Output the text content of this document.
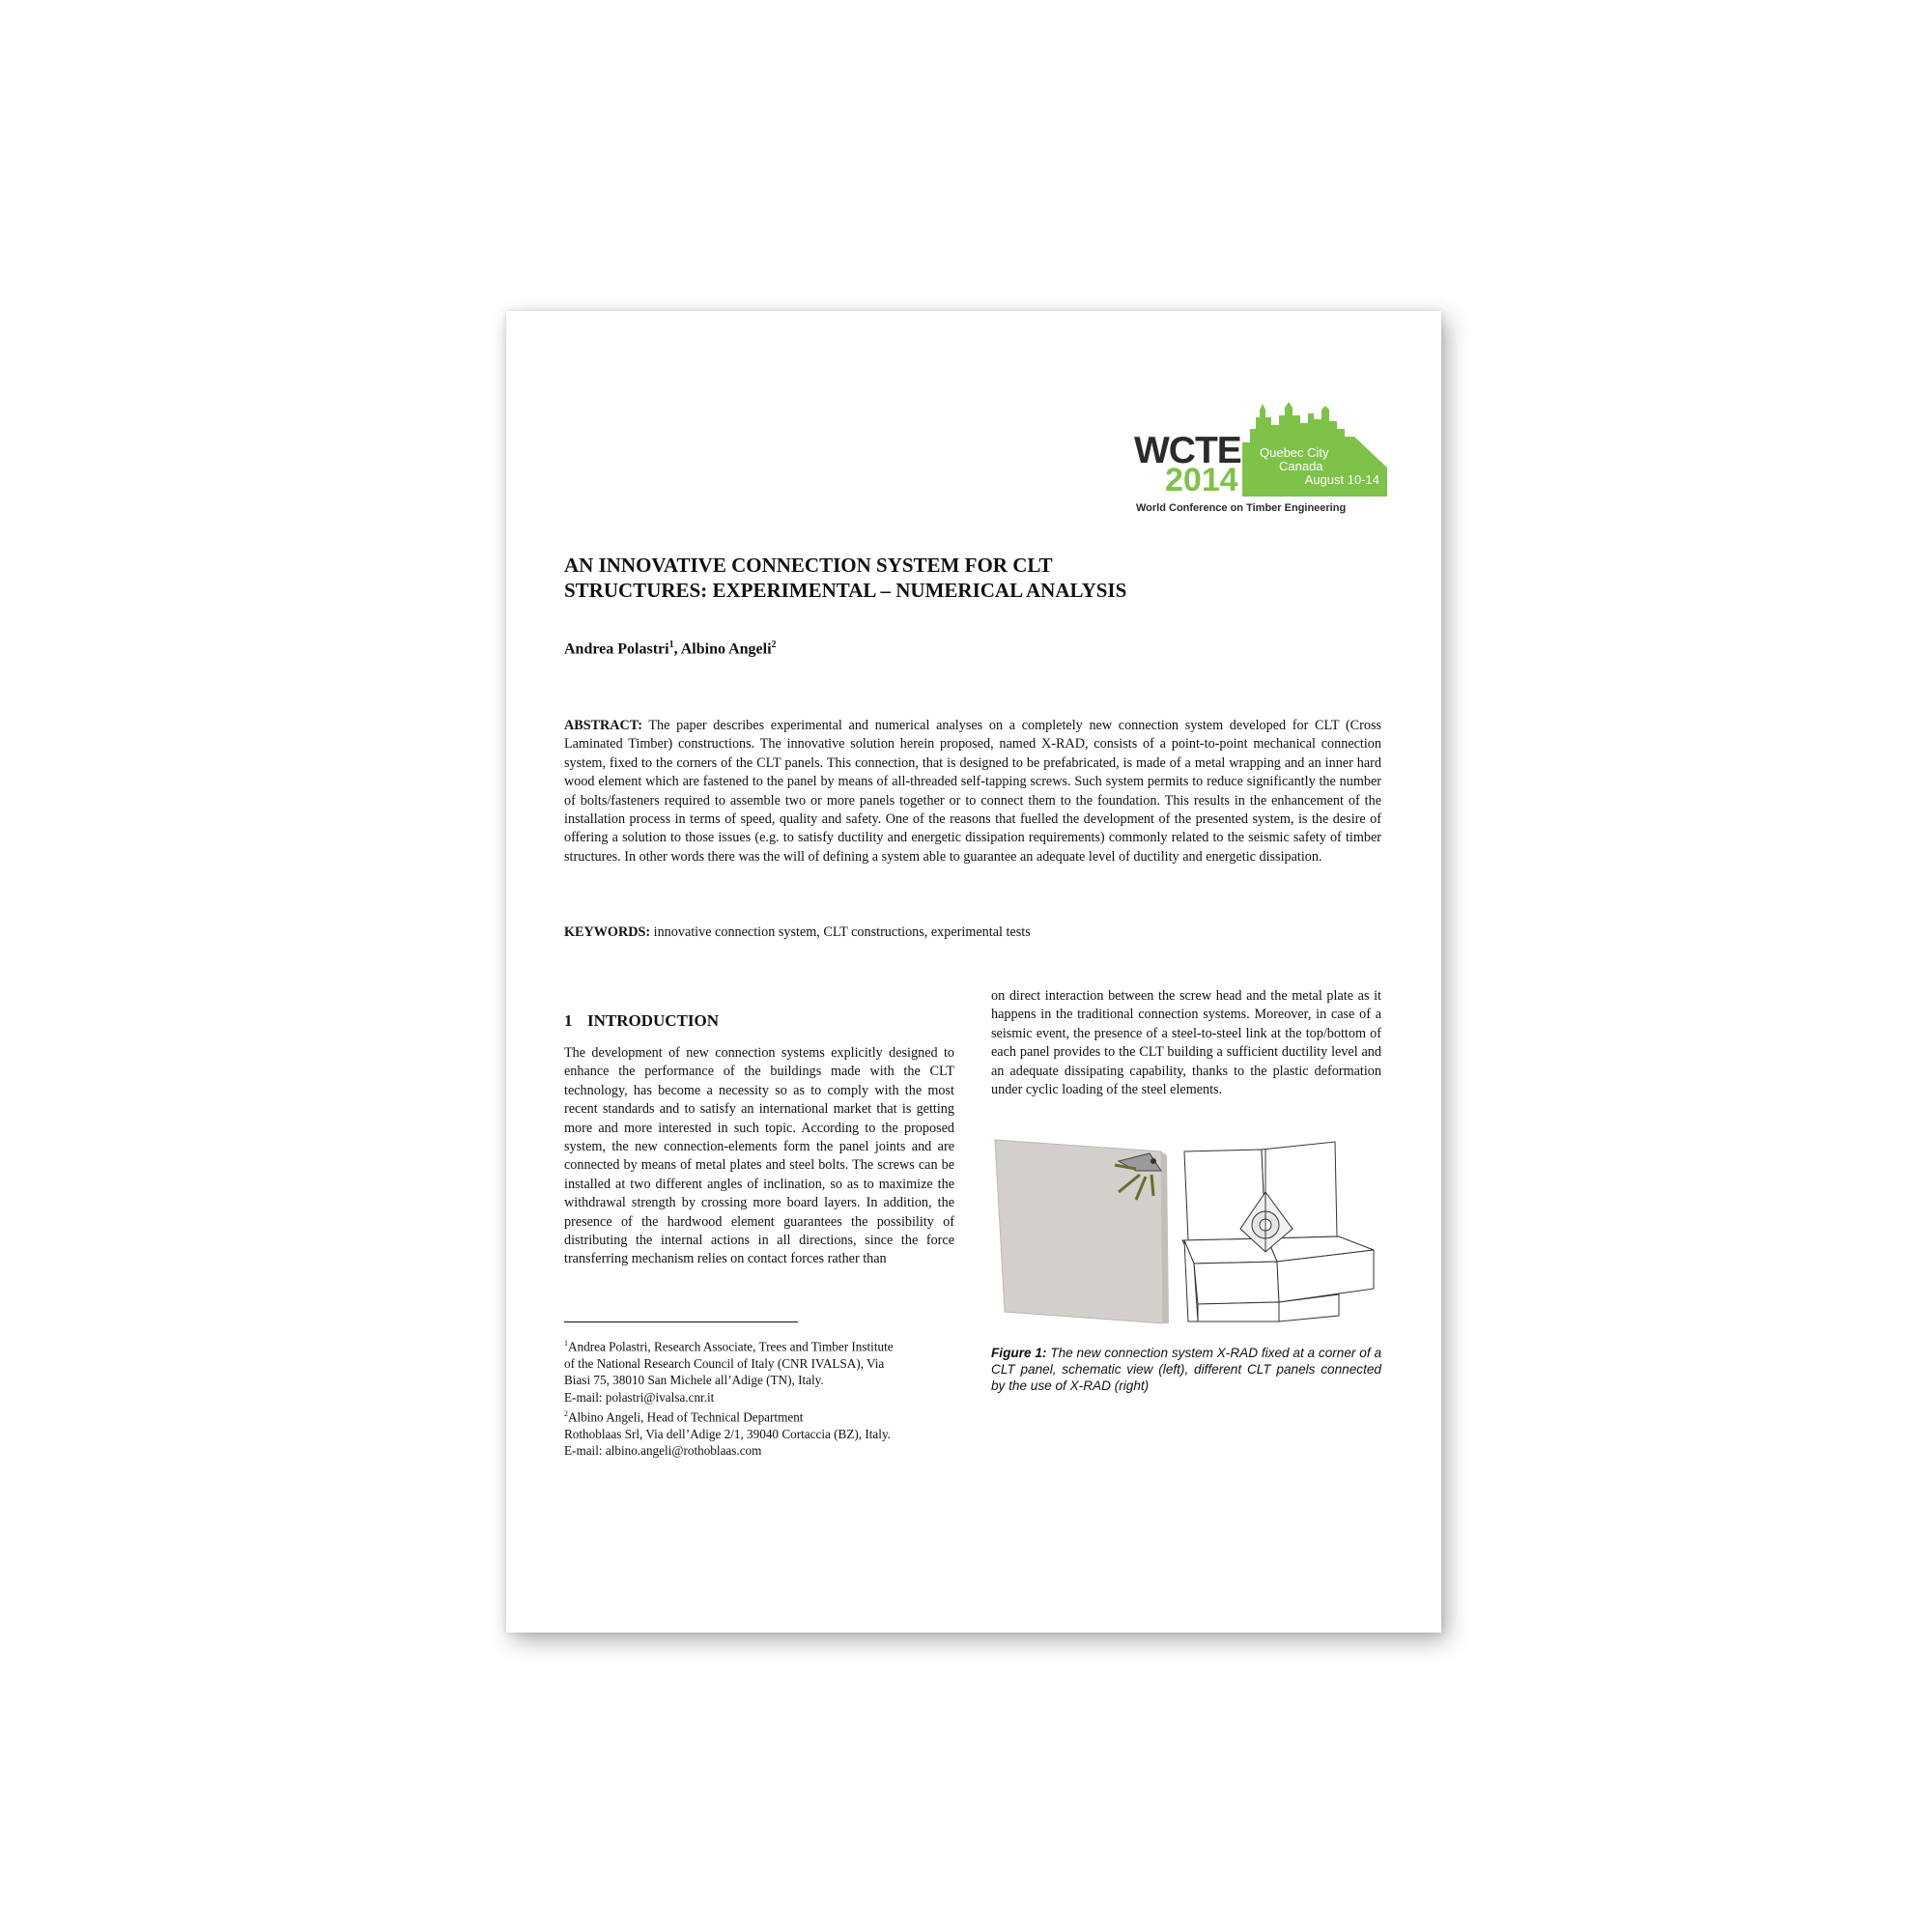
WCTE
2014
Quebec City
Canada
August 10-14
World Conference on Timber Engineering
AN INNOVATIVE CONNECTION SYSTEM FOR CLT
STRUCTURES: EXPERIMENTAL – NUMERICAL ANALYSIS
Andrea Polastri$^1$, Albino Angeli$^2$

ABSTRACT: The paper describes experimental and numerical analyses on a completely new connection system developed for CLT (Cross Laminated Timber) constructions. The innovative solution herein proposed, named X-RAD, consists of a point-to-point mechanical connection system, fixed to the corners of the CLT panels. This connection, that is designed to be prefabricated, is made of a metal wrapping and an inner hard wood element which are fastened to the panel by means of all-threaded self-tapping screws. Such system permits to reduce significantly the number of bolts/fasteners required to assemble two or more panels together or to connect them to the foundation. This results in the enhancement of the installation process in terms of speed, quality and safety. One of the reasons that fuelled the development of the presented system, is the desire of offering a solution to those issues (e.g. to satisfy ductility and energetic dissipation requirements) commonly related to the seismic safety of timber structures. In other words there was the will of defining a system able to guarantee an adequate level of ductility and energetic dissipation.

KEYWORDS: innovative connection system, CLT constructions, experimental tests

1 INTRODUCTION

The development of new connection systems explicitly designed to enhance the performance of the buildings made with the CLT technology, has become a necessity so as to comply with the most recent standards and to satisfy an international market that is getting more and more interested in such topic. According to the proposed system, the new connection-elements form the panel joints and are connected by means of metal plates and steel bolts. The screws can be installed at two different angles of inclination, so as to maximize the withdrawal strength by crossing more board layers. In addition, the presence of the hardwood element guarantees the possibility of distributing the internal actions in all directions, since the force transferring mechanism relies on contact forces rather than

on direct interaction between the screw head and the metal plate as it happens in the traditional connection systems. Moreover, in case of a seismic event, the presence of a steel-to-steel link at the top/bottom of each panel provides to the CLT building a sufficient ductility level and an adequate dissipating capability, thanks to the plastic deformation under cyclic loading of the steel elements.

$^1$Andrea Polastri, Research Associate, Trees and Timber Institute
of the National Research Council of Italy (CNR IVALSA), Via
Biasi 75, 38010 San Michele all’Adige (TN), Italy.
E-mail: polastri@ivalsa.cnr.it
$^2$Albino Angeli, Head of Technical Department
Rothoblaas Srl, Via dell’Adige 2/1, 39040 Cortaccia (BZ), Italy.
E-mail: albino.angeli@rothoblaas.com

Figure 1: The new connection system X-RAD fixed at a corner of a CLT panel, schematic view (left), different CLT panels connected by the use of X-RAD (right)
